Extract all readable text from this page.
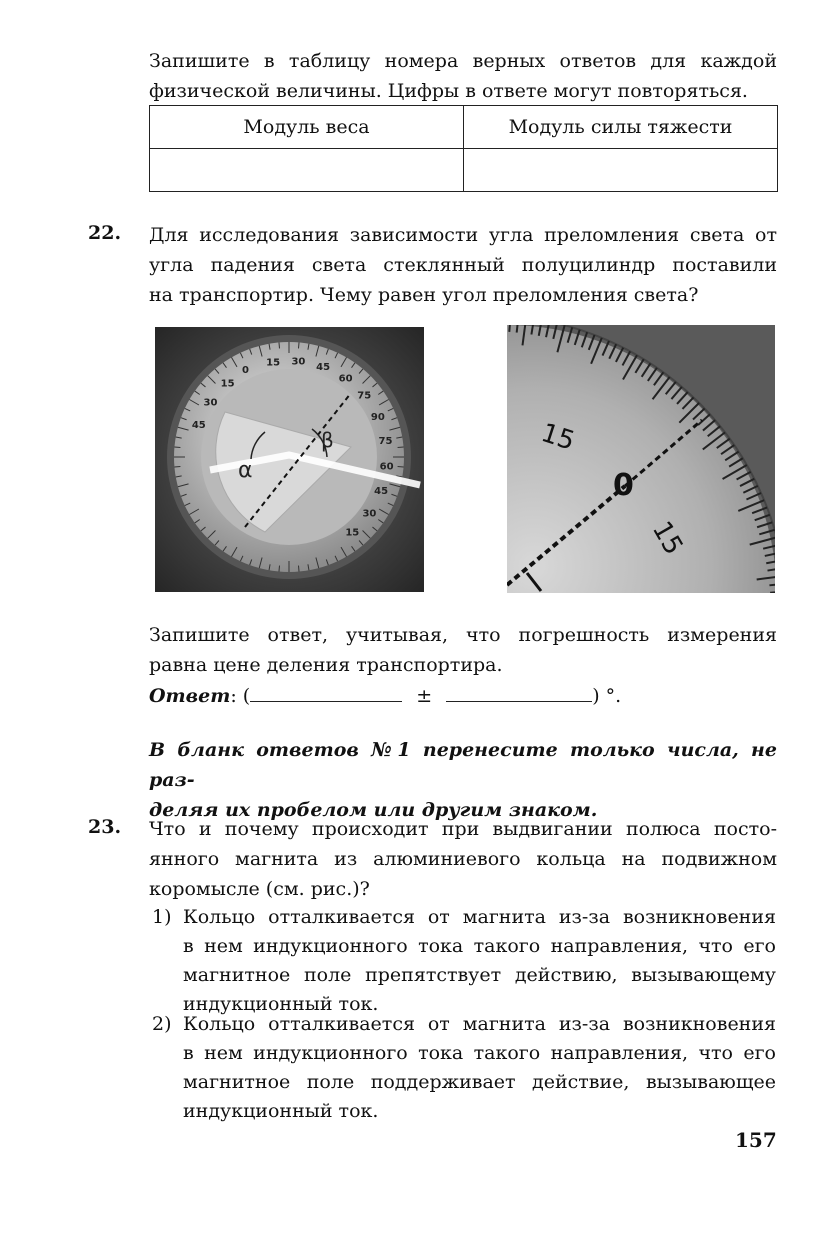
Запишите в таблицу номера верных ответов для каждой
физической величины. Цифры в ответе могут повторяться.
Модуль веса	Модуль силы тяжести

22. Для исследования зависимости угла преломления света от
угла падения света стеклянный полуцилиндр поставили
на транспортир. Чему равен угол преломления света?
α
β
45
30
15
0
15 30 45
60
75
90
75
60
45
30
15
0
15
15
Запишите ответ, учитывая, что погрешность измерения
равна цене деления транспортира.
Ответ: (	±	) °.
В бланк ответов №1 перенесите только числа, не раз-
деляя их пробелом или другим знаком.
23. Что и почему происходит при выдвигании полюса посто-
янного магнита из алюминиевого кольца на подвижном
коромысле (см. рис.)?
1) Кольцо отталкивается от магнита из-за возникновения
в нем индукционного тока такого направления, что его
магнитное поле препятствует действию, вызывающему
индукционный ток.
2) Кольцо отталкивается от магнита из-за возникновения
в нем индукционного тока такого направления, что его
магнитное поле поддерживает действие, вызывающее
индукционный ток.
157
